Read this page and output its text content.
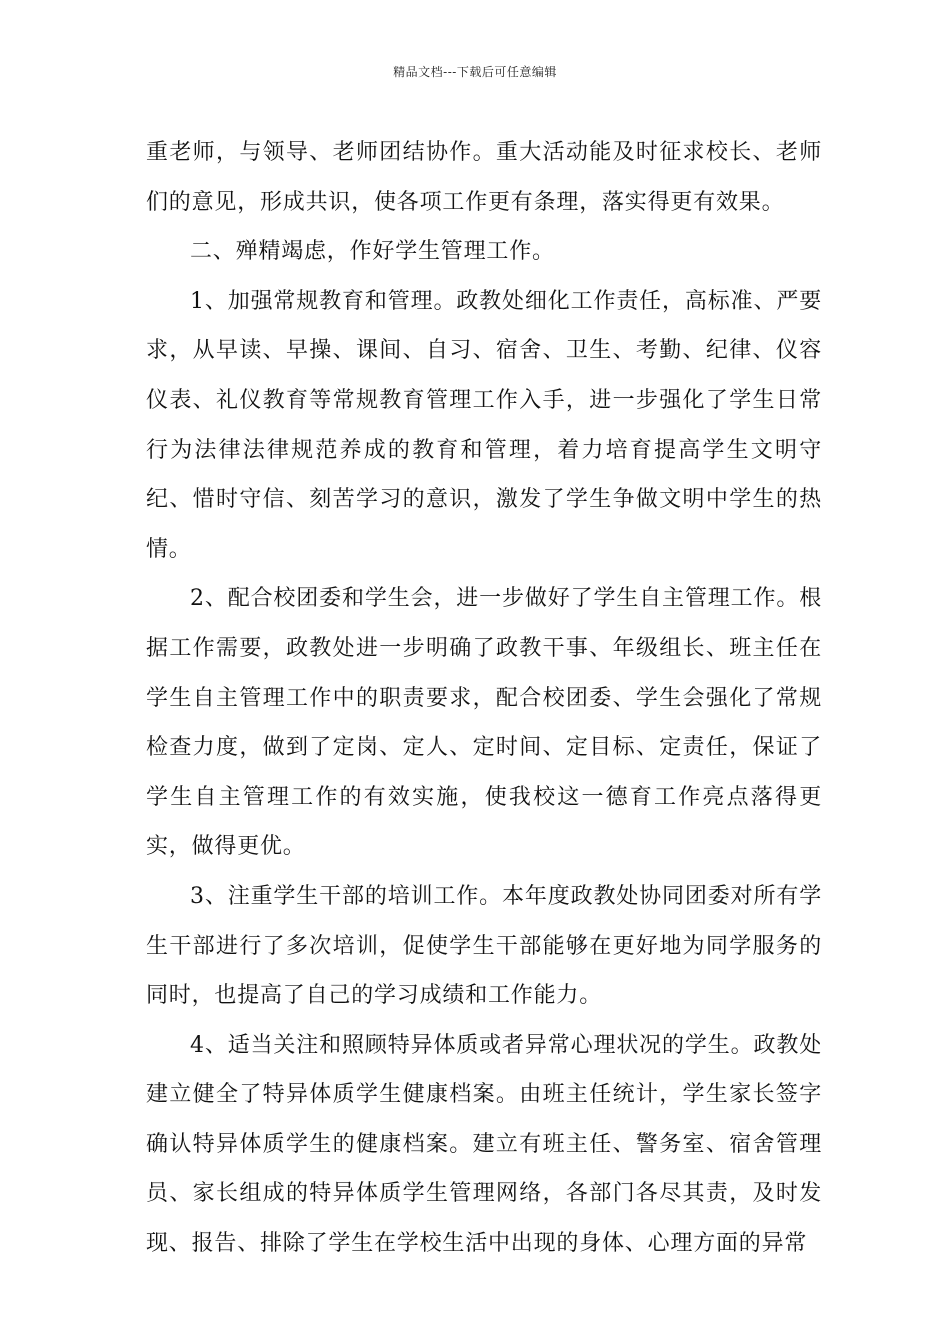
精品文档---下载后可任意编辑

重老师，与领导、老师团结协作。重大活动能及时征求校长、老师们的意见，形成共识，使各项工作更有条理，落实得更有效果。

二、殚精竭虑，作好学生管理工作。

1、加强常规教育和管理。政教处细化工作责任，高标准、严要求，从早读、早操、课间、自习、宿舍、卫生、考勤、纪律、仪容仪表、礼仪教育等常规教育管理工作入手，进一步强化了学生日常行为法律法律规范养成的教育和管理，着力培育提高学生文明守纪、惜时守信、刻苦学习的意识，激发了学生争做文明中学生的热情。

2、配合校团委和学生会，进一步做好了学生自主管理工作。根据工作需要，政教处进一步明确了政教干事、年级组长、班主任在学生自主管理工作中的职责要求，配合校团委、学生会强化了常规检查力度，做到了定岗、定人、定时间、定目标、定责任，保证了学生自主管理工作的有效实施，使我校这一德育工作亮点落得更实，做得更优。

3、注重学生干部的培训工作。本年度政教处协同团委对所有学生干部进行了多次培训，促使学生干部能够在更好地为同学服务的同时，也提高了自己的学习成绩和工作能力。

4、适当关注和照顾特异体质或者异常心理状况的学生。政教处建立健全了特异体质学生健康档案。由班主任统计，学生家长签字确认特异体质学生的健康档案。建立有班主任、警务室、宿舍管理员、家长组成的特异体质学生管理网络，各部门各尽其责，及时发现、报告、排除了学生在学校生活中出现的身体、心理方面的异常
